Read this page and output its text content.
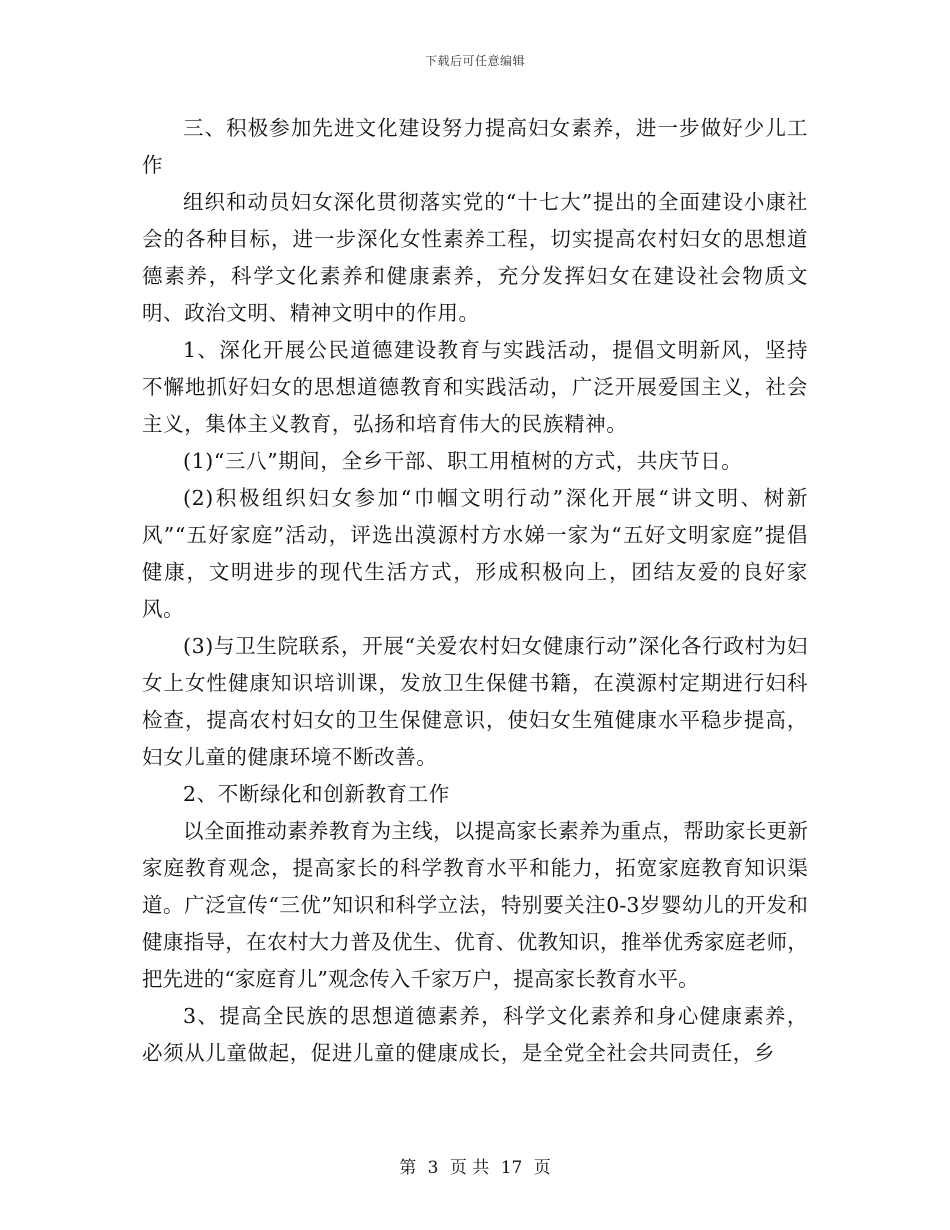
下载后可任意编辑

三、积极参加先进文化建设努力提高妇女素养，进一步做好少儿工作

组织和动员妇女深化贯彻落实党的“十七大”提出的全面建设小康社会的各种目标，进一步深化女性素养工程，切实提高农村妇女的思想道德素养，科学文化素养和健康素养，充分发挥妇女在建设社会物质文明、政治文明、精神文明中的作用。

1、深化开展公民道德建设教育与实践活动，提倡文明新风，坚持不懈地抓好妇女的思想道德教育和实践活动，广泛开展爱国主义，社会主义，集体主义教育，弘扬和培育伟大的民族精神。

(1)“三八”期间，全乡干部、职工用植树的方式，共庆节日。

(2)积极组织妇女参加“巾帼文明行动”深化开展“讲文明、树新风”“五好家庭”活动，评选出漠源村方水娣一家为“五好文明家庭”提倡健康，文明进步的现代生活方式，形成积极向上，团结友爱的良好家风。

(3)与卫生院联系，开展“关爱农村妇女健康行动”深化各行政村为妇女上女性健康知识培训课，发放卫生保健书籍，在漠源村定期进行妇科检查，提高农村妇女的卫生保健意识，使妇女生殖健康水平稳步提高，妇女儿童的健康环境不断改善。

2、不断绿化和创新教育工作

以全面推动素养教育为主线，以提高家长素养为重点，帮助家长更新家庭教育观念，提高家长的科学教育水平和能力，拓宽家庭教育知识渠道。广泛宣传“三优”知识和科学立法，特别要关注0-3岁婴幼儿的开发和健康指导，在农村大力普及优生、优育、优教知识，推举优秀家庭老师，把先进的“家庭育儿”观念传入千家万户，提高家长教育水平。

3、提高全民族的思想道德素养，科学文化素养和身心健康素养，必须从儿童做起，促进儿童的健康成长，是全党全社会共同责任，乡

第 3 页 共 17 页
